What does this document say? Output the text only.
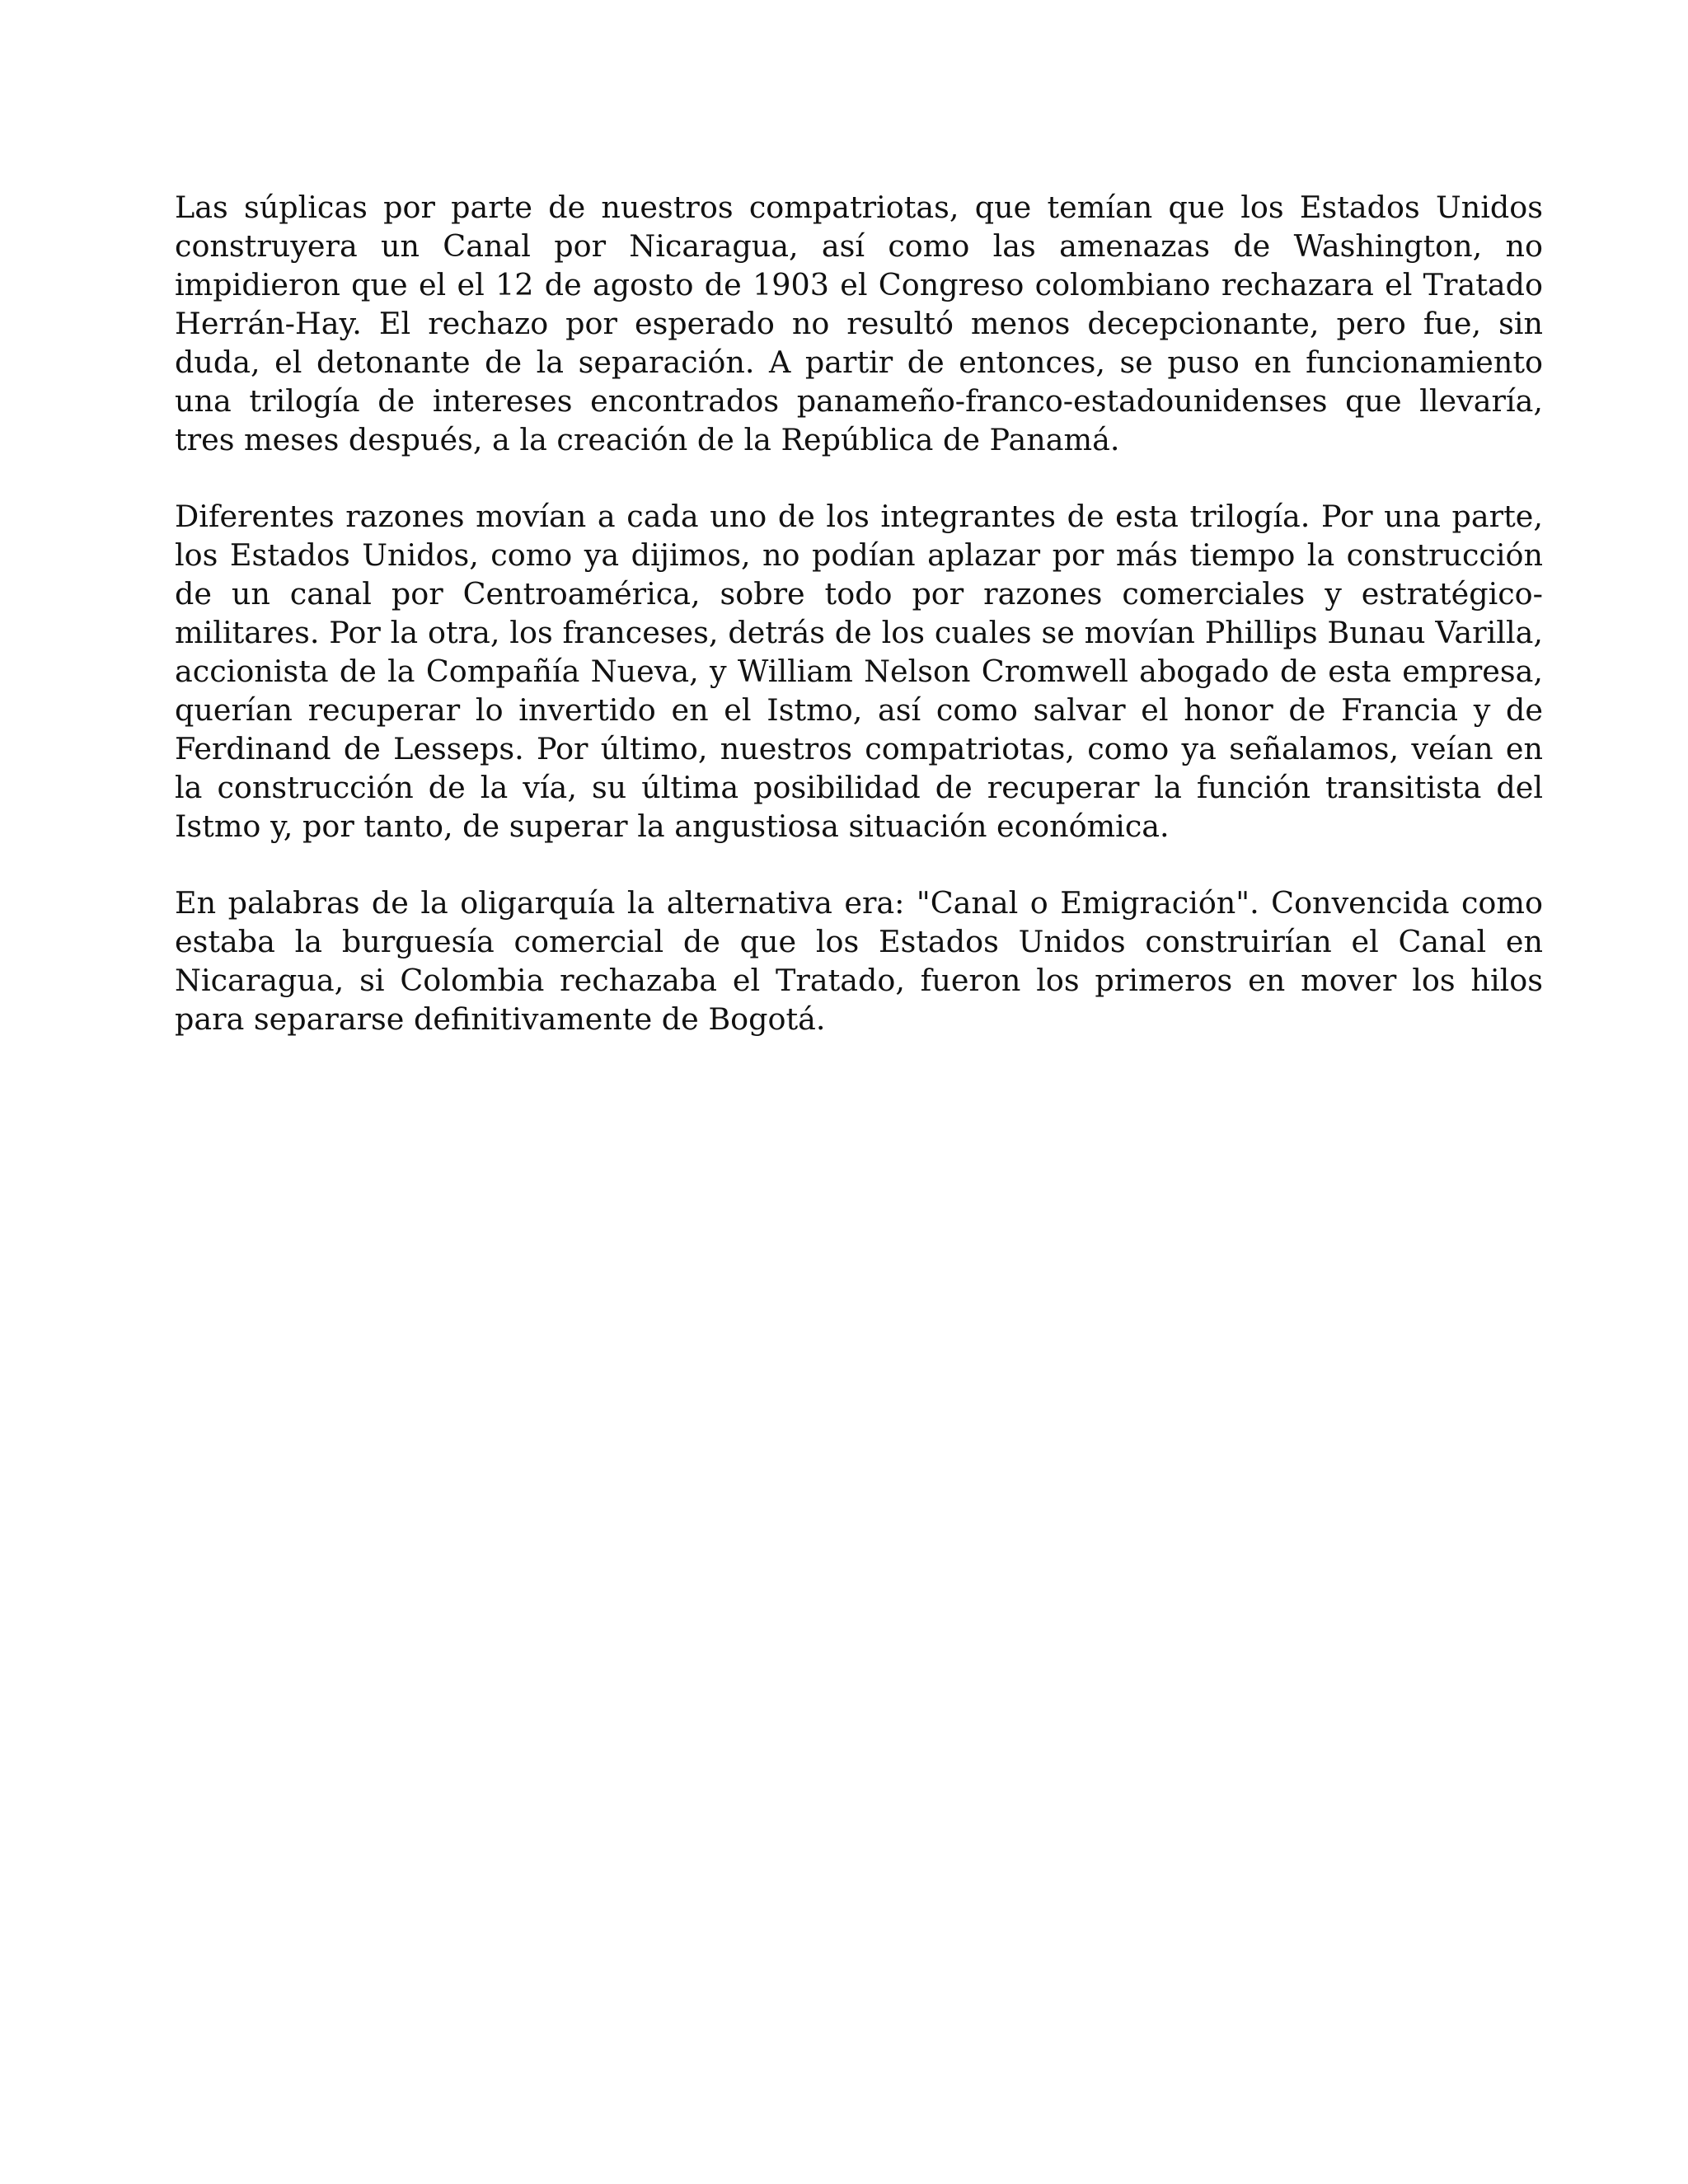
Las súplicas por parte de nuestros compatriotas, que temían que los Estados Unidos construyera un Canal por Nicaragua, así como las amenazas de Washington, no impidieron que el el 12 de agosto de 1903 el Congreso colombiano rechazara el Tratado Herrán-Hay. El rechazo por esperado no resultó menos decepcionante, pero fue, sin duda, el detonante de la separación. A partir de entonces, se puso en funcionamiento una trilogía de intereses encontrados panameño-franco-estadounidenses que llevaría, tres meses después, a la creación de la República de Panamá.

Diferentes razones movían a cada uno de los integrantes de esta trilogía. Por una parte, los Estados Unidos, como ya dijimos, no podían aplazar por más tiempo la construcción de un canal por Centroamérica, sobre todo por razones comerciales y estratégico-militares. Por la otra, los franceses, detrás de los cuales se movían Phillips Bunau Varilla, accionista de la Compañía Nueva, y William Nelson Cromwell abogado de esta empresa, querían recuperar lo invertido en el Istmo, así como salvar el honor de Francia y de Ferdinand de Lesseps. Por último, nuestros compatriotas, como ya señalamos, veían en la construcción de la vía, su última posibilidad de recuperar la función transitista del Istmo y, por tanto, de superar la angustiosa situación económica.

En palabras de la oligarquía la alternativa era: "Canal o Emigración". Convencida como estaba la burguesía comercial de que los Estados Unidos construirían el Canal en Nicaragua, si Colombia rechazaba el Tratado, fueron los primeros en mover los hilos para separarse definitivamente de Bogotá.
